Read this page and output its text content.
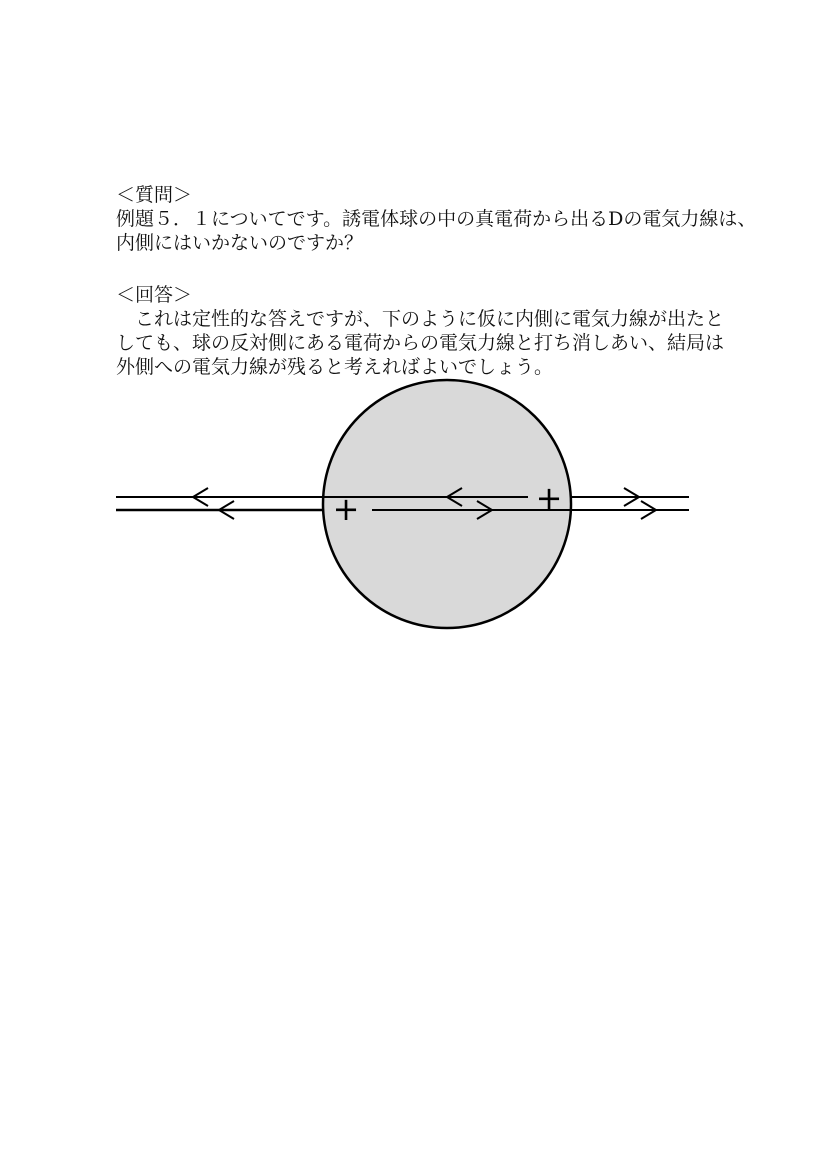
＜質問＞
例題５．１についてです。誘電体球の中の真電荷から出るDの電気力線は、
内側にはいかないのですか？
＜回答＞
　これは定性的な答えですが、下のように仮に内側に電気力線が出たと
しても、球の反対側にある電荷からの電気力線と打ち消しあい、結局は
外側への電気力線が残ると考えればよいでしょう。
+	+
